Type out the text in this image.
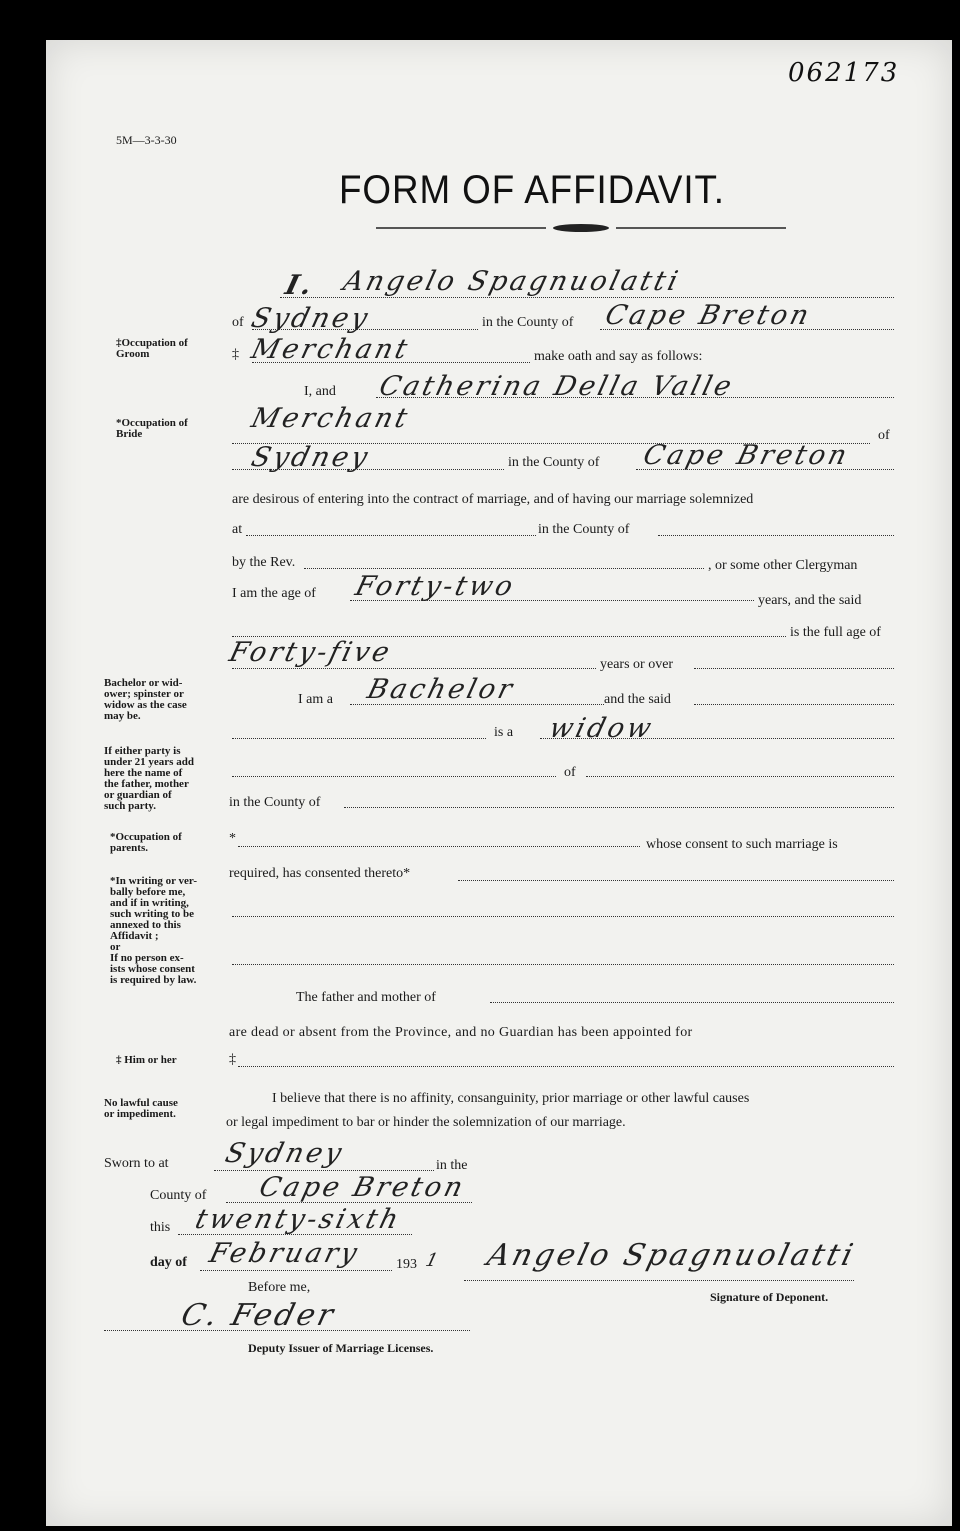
062173
5M—3-3-30
FORM OF AFFIDAVIT.
I. Angelo Spagnuolatti
of Sydney	in the County of Cape Breton
‡Occupation of
Groom	‡ Merchant	make oath and say as follows:
I, and Catherina Della Valle
*Occupation of
Bride	Merchant
of
Sydney	in the County of Cape Breton
are desirous of entering into the contract of marriage, and of having our marriage solemnized
at	in the County of
by the Rev.	, or some other Clergyman
I am the age of Forty-two	years, and the said
is the full age of
Forty-five	years or over
Bachelor or wid-
ower; spinster or
widow as the case
may be.
I am a Bachelor	and the said
is a widow
If either party is
under 21 years add
here the name of
the father, mother
or guardian of
such party.
of
in the County of
*Occupation of
parents.
*	whose consent to such marriage is
*In writing or ver-
bally before me,
and if in writing,
such writing to be
annexed to this
Affidavit ;
or
If no person ex-
ists whose consent
is required by law.
required, has consented thereto*
The father and mother of
are dead or absent from the Province, and no Guardian has been appointed for
‡ Him or her	‡
No lawful cause
or impediment.
I believe that there is no affinity, consanguinity, prior marriage or other lawful causes
or legal impediment to bar or hinder the solemnization of our marriage.
Sworn to at Sydney	in the
County of Cape Breton
this twenty-sixth
day of February 193 1 Angelo Spagnuolatti
Signature of Deponent.
Before me,
C. Feder
Deputy Issuer of Marriage Licenses.
